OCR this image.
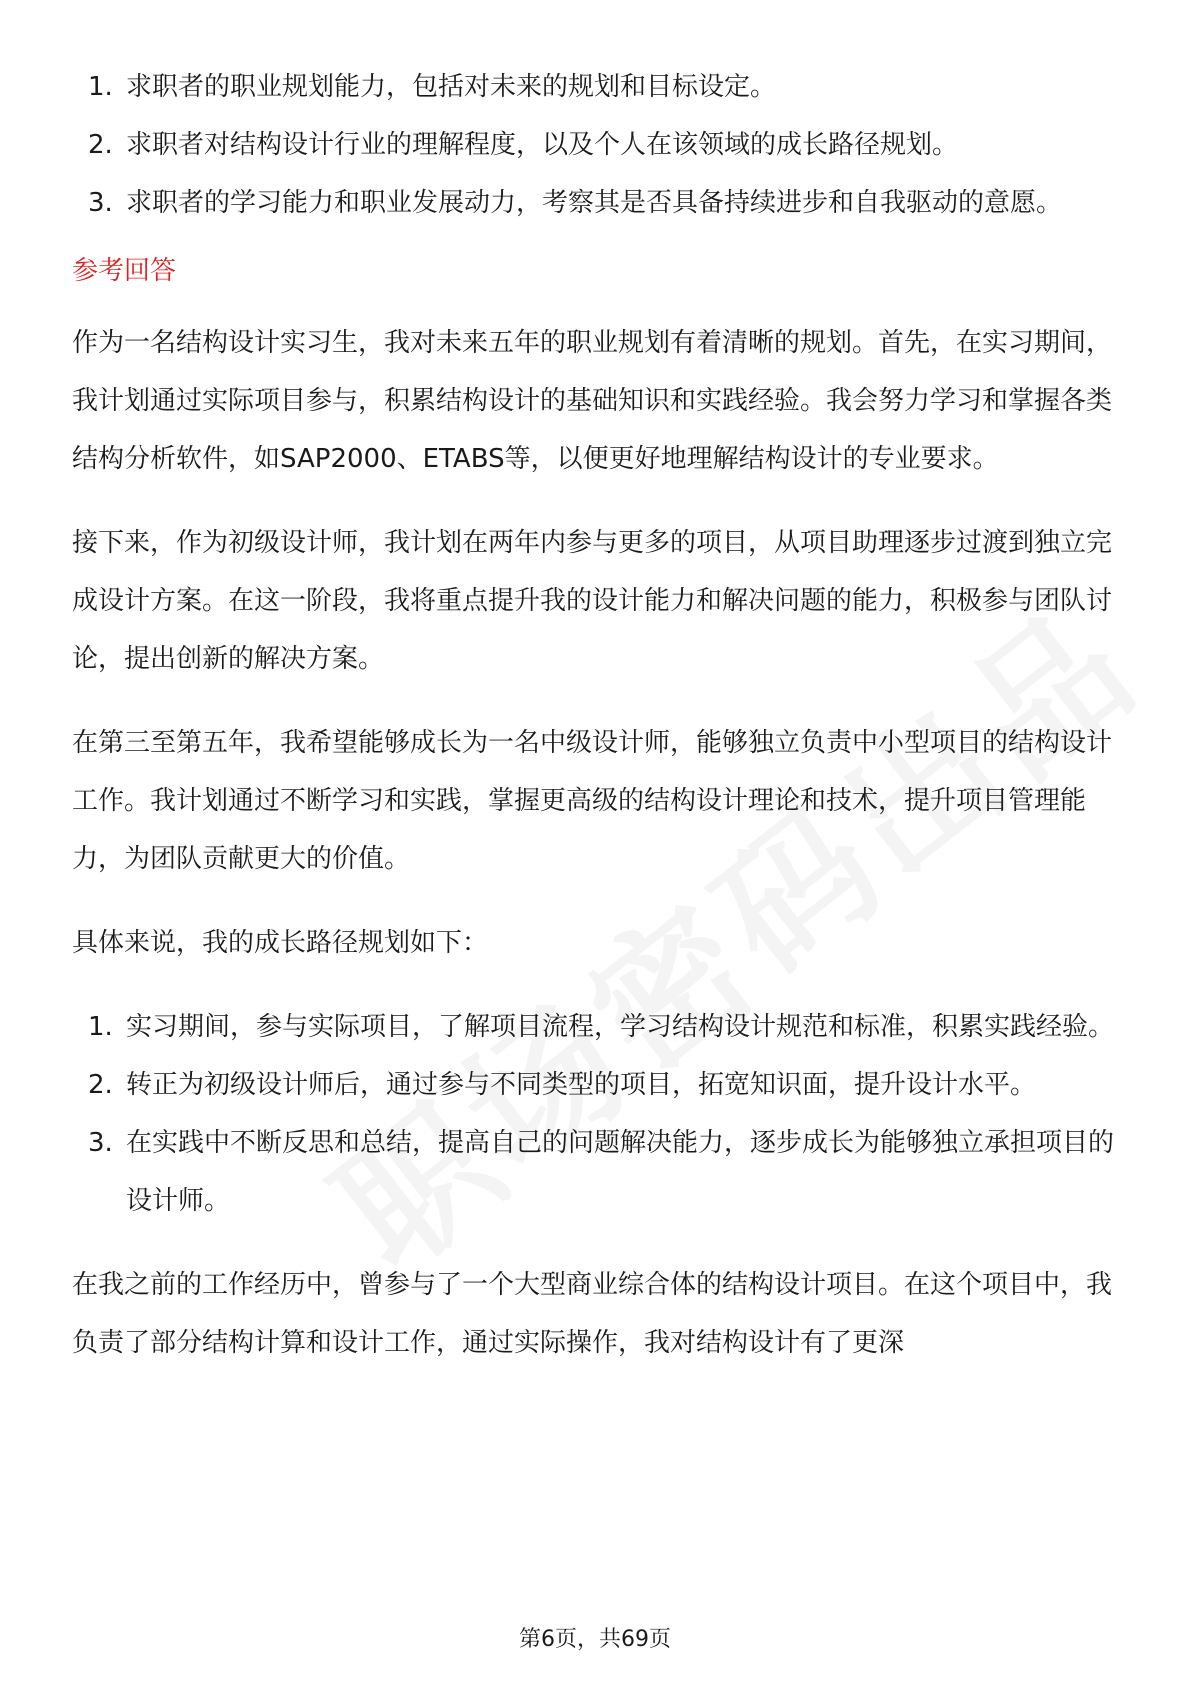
1. 求职者的职业规划能力，包括对未来的规划和目标设定。
2. 求职者对结构设计行业的理解程度，以及个人在该领域的成长路径规划。
3. 求职者的学习能力和职业发展动力，考察其是否具备持续进步和自我驱动的意愿。
参考回答

作为一名结构设计实习生，我对未来五年的职业规划有着清晰的规划。首先，在实习期间，我计划通过实际项目参与，积累结构设计的基础知识和实践经验。我会努力学习和掌握各类结构分析软件，如SAP2000、ETABS等，以便更好地理解结构设计的专业要求。

接下来，作为初级设计师，我计划在两年内参与更多的项目，从项目助理逐步过渡到独立完成设计方案。在这一阶段，我将重点提升我的设计能力和解决问题的能力，积极参与团队讨论，提出创新的解决方案。

在第三至第五年，我希望能够成长为一名中级设计师，能够独立负责中小型项目的结构设计工作。我计划通过不断学习和实践，掌握更高级的结构设计理论和技术，提升项目管理能力，为团队贡献更大的价值。

具体来说，我的成长路径规划如下：

1. 实习期间，参与实际项目，了解项目流程，学习结构设计规范和标准，积累实践经验。
2. 转正为初级设计师后，通过参与不同类型的项目，拓宽知识面，提升设计水平。
3. 在实践中不断反思和总结，提高自己的问题解决能力，逐步成长为能够独立承担项目的设计师。

在我之前的工作经历中，曾参与了一个大型商业综合体的结构设计项目。在这个项目中，我负责了部分结构计算和设计工作，通过实际操作，我对结构设计有了更深

第6页，共69页
